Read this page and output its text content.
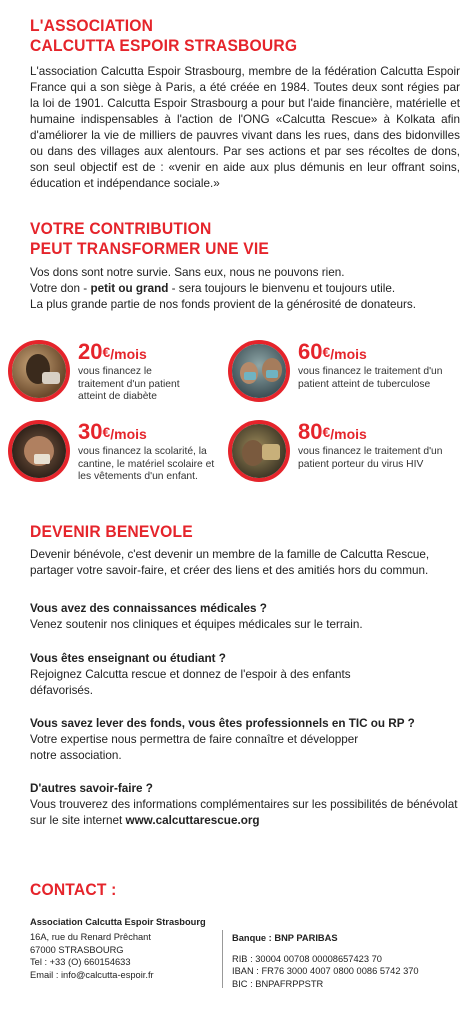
L'ASSOCIATION
CALCUTTA ESPOIR STRASBOURG

L'association Calcutta Espoir Strasbourg, membre de la fédération Calcutta Espoir France qui a son siège à Paris, a été créée en 1984. Toutes deux sont régies par la loi de 1901. Calcutta Espoir Strasbourg a pour but l'aide financière, matérielle et humaine indispensables à l'action de l'ONG «Calcutta Rescue» à Kolkata afin d'améliorer la vie de milliers de pauvres vivant dans les rues, dans des bidonvilles ou dans des villages aux alentours. Par ses actions et par ses récoltes de dons, son seul objectif est de : «venir en aide aux plus démunis en leur offrant soins, éducation et indépendance sociale.»

VOTRE CONTRIBUTION
PEUT TRANSFORMER UNE VIE

Vos dons sont notre survie. Sans eux, nous ne pouvons rien.

Votre don - petit ou grand - sera toujours le bienvenu et toujours utile.

La plus grande partie de nos fonds provient de la générosité de donateurs.

20€/mois
vous financez le traitement d'un patient atteint de diabète
60€/mois
vous financez le traitement d'un patient atteint de tuberculose
30€/mois
vous financez la scolarité, la cantine, le matériel scolaire et les vêtements d'un enfant.
80€/mois
vous financez le traitement d'un patient porteur du virus HIV
DEVENIR BENEVOLE

Devenir bénévole, c'est devenir un membre de la famille de Calcutta Rescue, partager votre savoir-faire, et créer des liens et des amitiés hors du commun.

Vous avez des connaissances médicales ?

Venez soutenir nos cliniques et équipes médicales sur le terrain.

Vous êtes enseignant ou étudiant ?

Rejoignez Calcutta rescue et donnez de l'espoir à des enfants défavorisés.

Vous savez lever des fonds, vous êtes professionnels en TIC ou RP ?

Votre expertise nous permettra de faire connaître et développer notre association.

D'autres savoir-faire ?

Vous trouverez des informations complémentaires sur les possibilités de bénévolat sur le site internet www.calcuttarescue.org

CONTACT :
Association Calcutta Espoir Strasbourg
16A, rue du Renard Prêchant
67000 STRASBOURG
Tel : +33 (O) 660154633
Email : info@calcutta-espoir.fr
Banque : BNP PARIBAS
RIB : 30004 00708 00008657423 70
IBAN : FR76 3000 4007 0800 0086 5742 370
BIC : BNPAFRPPSTR
